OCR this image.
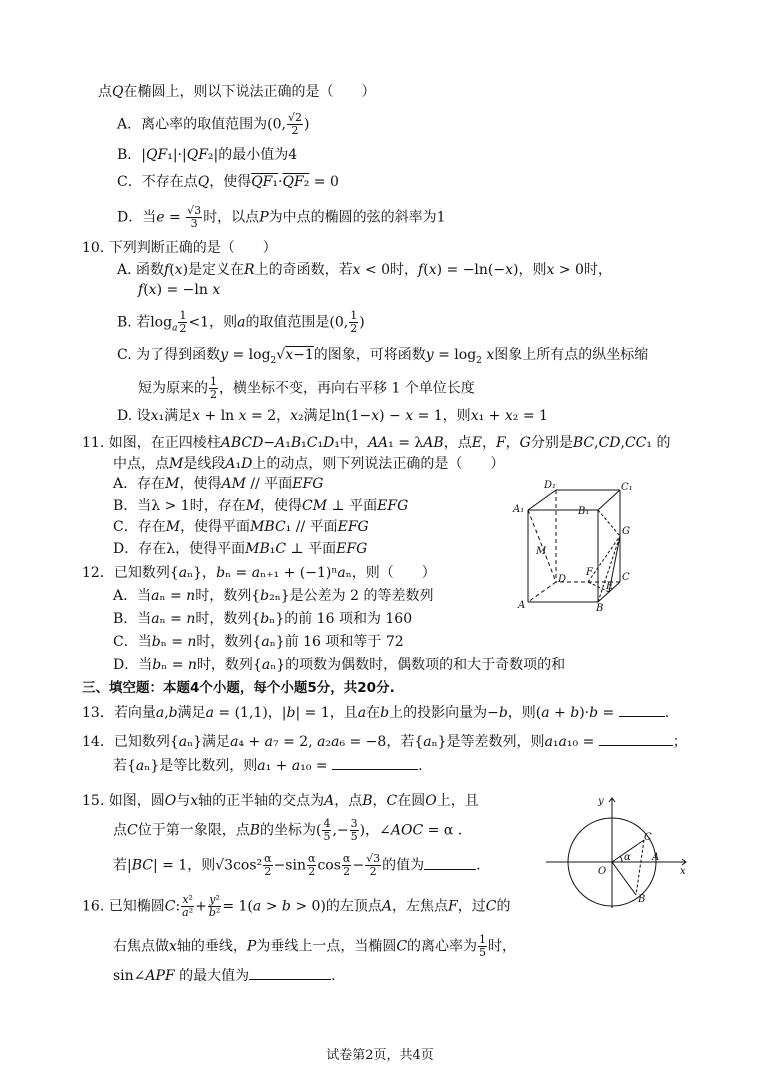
点Q在椭圆上，则以下说法正确的是（　　）
A．离心率的取值范围为(0, $\frac{√2}{2}$ )
B．|QF₁|·|QF₂|的最小值为4
C．不存在点Q，使得QF₁·QF₂ = 0
D．当$e = \frac{√3}{3}$ 时，以点P为中点的椭圆的弦的斜率为1
10. 下列判断正确的是（　　）
A. 函数f(x)是定义在R上的奇函数，若x < 0时，f(x) = −ln(−x)，则x > 0时，
f(x) = −ln x
B. 若$\log_a \frac{1}{2} <1$，则a的取值范围是(0, $\frac{1}{2}$ )
C. 为了得到函数$y = \log_2√x-1$的图象，可将函数$y = \log_2 x$图象上所有点的纵坐标缩
短为原来的 $\frac{1}{2}$ ，横坐标不变，再向右平移 1 个单位长度
D. 设x₁满足x + ln x = 2，x₂满足ln(1−x) − x = 1，则x₁ + x₂ = 1
11. 如图，在正四棱柱ABCD−A₁B₁C₁D₁中，AA₁ = λAB，点E，F，G分别是BC,CD,CC₁ 的
中点，点M是线段A₁D上的动点，则下列说法正确的是（　　）
A．存在M，使得AM // 平面EFG
B．当λ > 1时，存在M，使得CM ⊥ 平面EFG
C．存在M，使得平面MBC₁ // 平面EFG
D．存在λ，使得平面MB₁C ⊥ 平面EFG
D₁	C₁
A₁	B₁
G
M
D
F	C
E
A	B
12．已知数列{aₙ}，bₙ = aₙ₊₁ + (−1)ⁿaₙ，则（　　）
A．当aₙ = n时，数列{b₂ₙ}是公差为 2 的等差数列
B．当aₙ = n时，数列{bₙ}的前 16 项和为 160
C．当bₙ = n时，数列{aₙ}前 16 项和等于 72
D．当bₙ = n时，数列{aₙ}的项数为偶数时，偶数项的和大于奇数项的和
三、填空题：本题4个小题，每个小题5分，共20分.
13．若向量a,b满足a = (1,1)，|b| = 1，且a在b上的投影向量为−b，则(a + b)·b =	.
14．已知数列{aₙ}满足a₄ + a₇ = 2, a₂a₆ = −8，若{aₙ}是等差数列，则a₁a₁₀ =	；
若{aₙ}是等比数列，则a₁ + a₁₀ =	.
15. 如图，圆O与x轴的正半轴的交点为A，点B，C在圆O上，且
点C位于第一象限，点B的坐标为( $\frac{4}{5}$ ,− $\frac{3}{5}$ )，∠AOC = α .
若|BC| = 1，则$√3\cos^2 \frac{\alpha}{2} -\sin \frac{\alpha}{2}$ $\cos \frac{\alpha}{2} - \frac{√3}{2}$ 的值为	.
y
C
α A
O	x
B
16. 已知椭圆C: $\frac{\text{x²}}{\text{a²}} + \frac{\text{y²}}{\text{b²}} = 1(a > b > 0)$的左顶点A，左焦点F，过C的
右焦点做x轴的垂线，P为垂线上一点，当椭圆C的离心率为 $\frac{1}{5}$ 时，
sin∠APF 的最大值为	.
试卷第2页，共4页
